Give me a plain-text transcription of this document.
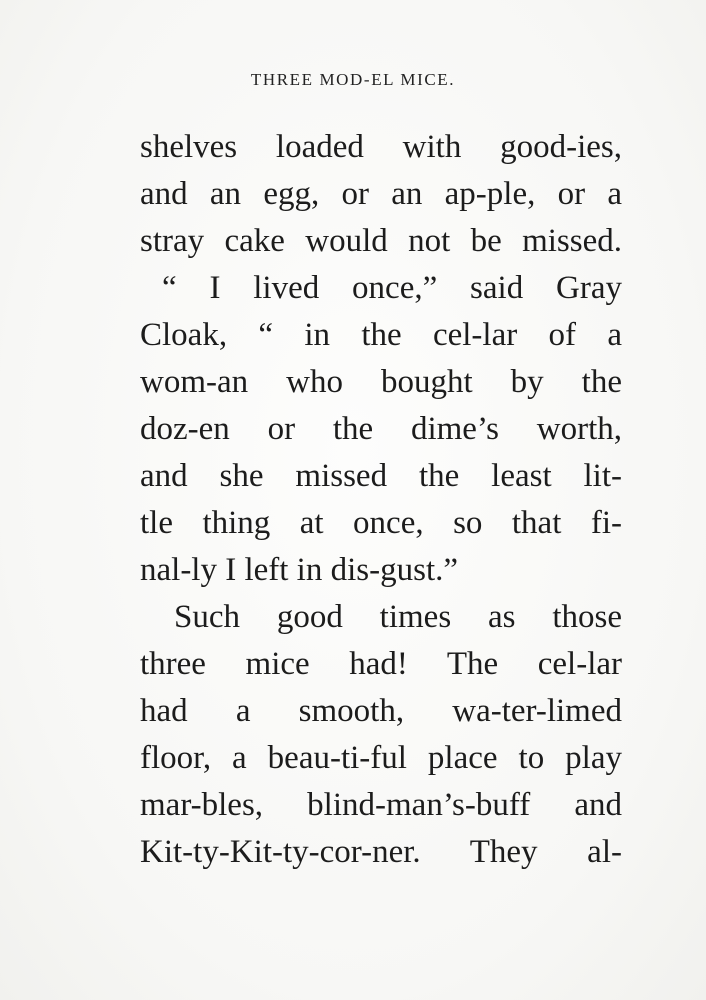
THREE MOD-EL MICE.
shelves loaded with good-ies,
and an egg, or an ap-ple, or a
stray cake would not be missed.
“ I lived once,” said Gray
Cloak, “ in the cel-lar of a
wom-an who bought by the
doz-en or the dime’s worth,
and she missed the least lit-
tle thing at once, so that fi-
nal-ly I left in dis-gust.”
Such good times as those
three mice had! The cel-lar
had a smooth, wa-ter-limed
floor, a beau-ti-ful place to play
mar-bles, blind-man’s-buff and
Kit-ty-Kit-ty-cor-ner. They al-
